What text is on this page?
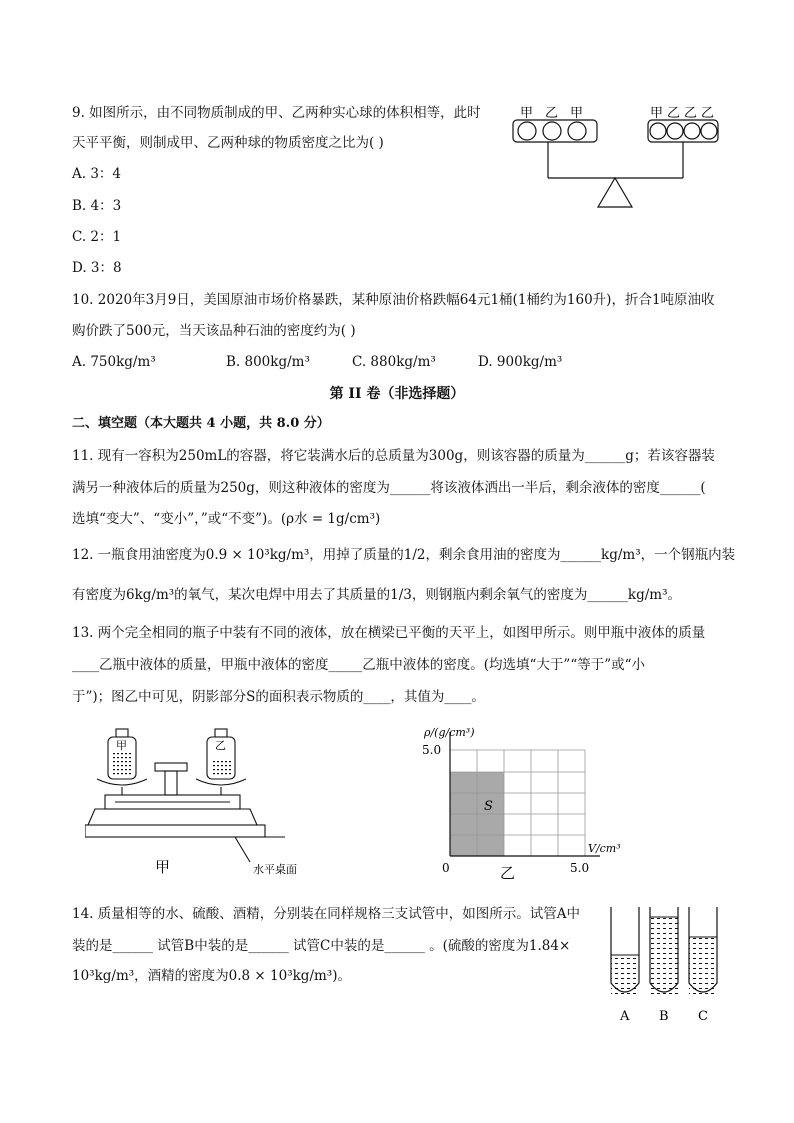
9. 如图所示，由不同物质制成的甲、乙两种实心球的体积相等，此时
天平平衡，则制成甲、乙两种球的物质密度之比为( )
A. 3：4
B. 4：3
C. 2：1
D. 3：8
甲 乙 甲	甲 乙 乙 乙
10. 2020年3月9日，美国原油市场价格暴跌，某种原油价格跌幅64元1桶(1桶约为160升)，折合1吨原油收
购价跌了500元，当天该品种石油的密度约为( )
A. 750kg/m³	B. 800kg/m³	C. 880kg/m³	D. 900kg/m³
第 II 卷（非选择题）
二、填空题（本大题共 4 小题，共 8.0 分）
11. 现有一容积为250mL的容器，将它装满水后的总质量为300g，则该容器的质量为______g；若该容器装
满另一种液体后的质量为250g，则这种液体的密度为______将该液体洒出一半后，剩余液体的密度______(
选填“变大”、“变小”，”或“不变”)。(ρ水 = 1g/cm³)
12. 一瓶食用油密度为0.9 × 10³kg/m³，用掉了质量的1/2，剩余食用油的密度为______kg/m³，一个钢瓶内装
有密度为6kg/m³的氧气，某次电焊中用去了其质量的1/3，则钢瓶内剩余氧气的密度为______kg/m³。
13. 两个完全相同的瓶子中装有不同的液体，放在横梁已平衡的天平上，如图甲所示。则甲瓶中液体的质量
____乙瓶中液体的质量，甲瓶中液体的密度_____乙瓶中液体的密度。(均选填“大于”“等于”或“小
于”)；图乙中可见，阴影部分S的面积表示物质的____，其值为____。
甲	乙
水平桌面
甲
ρ/(g/cm³)
5.0
V/cm³
0	5.0
S
乙
14. 质量相等的水、硫酸、酒精，分别装在同样规格三支试管中，如图所示。试管A中
装的是______ 试管B中装的是______ 试管C中装的是______ 。(硫酸的密度为1.84×
10³kg/m³，酒精的密度为0.8 × 10³kg/m³)。
A B C
